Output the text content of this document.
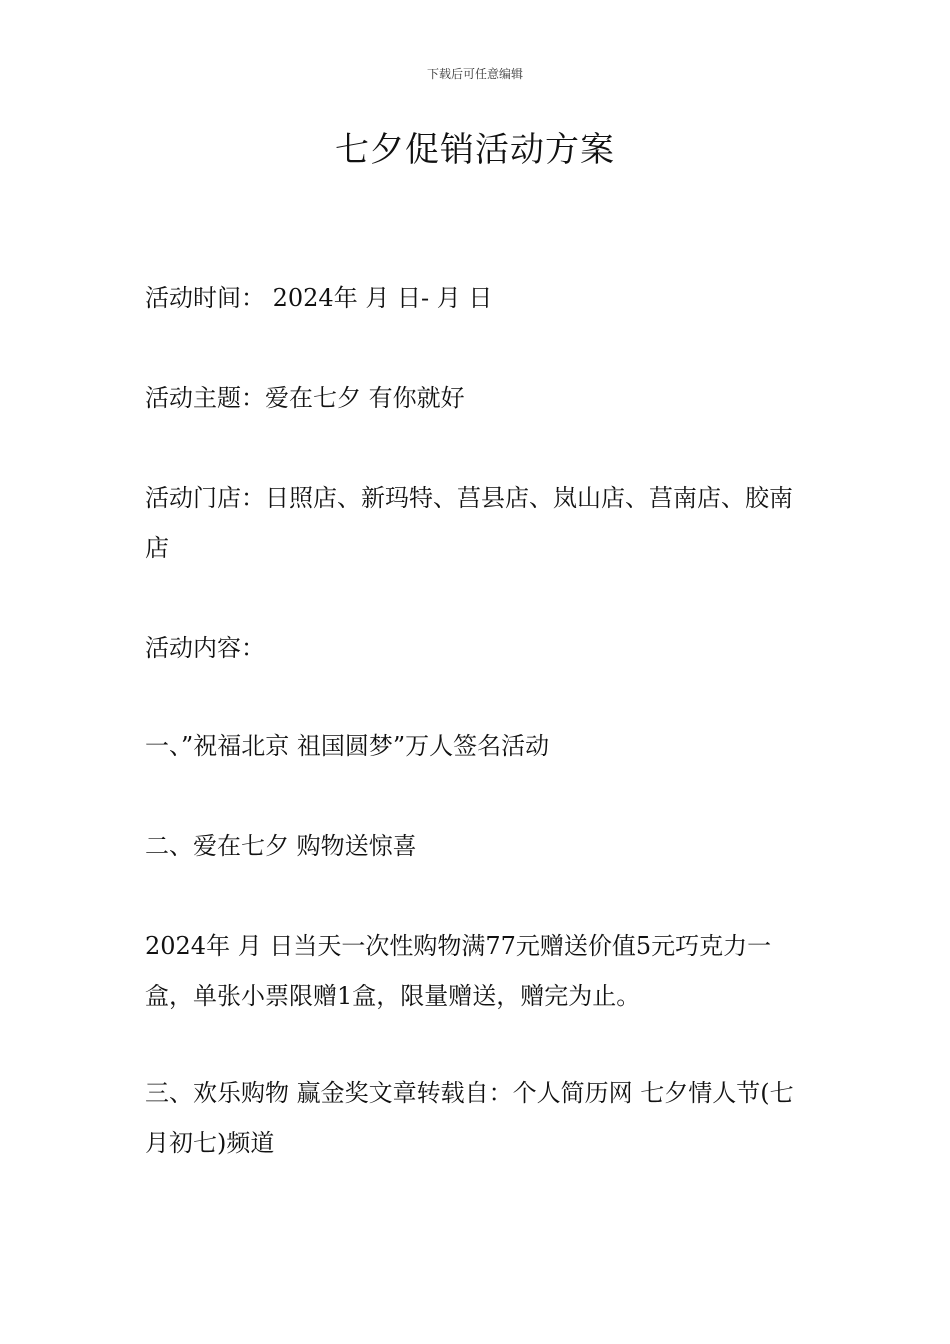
下载后可任意编辑
七夕促销活动方案

活动时间： 2024年 月 日- 月 日

活动主题：爱在七夕 有你就好

活动门店：日照店、新玛特、莒县店、岚山店、莒南店、胶南店

活动内容：

一、”祝福北京 祖国圆梦”万人签名活动

二、爱在七夕 购物送惊喜

2024年 月 日当天一次性购物满77元赠送价值5元巧克力一盒，单张小票限赠1盒，限量赠送，赠完为止。

三、欢乐购物 赢金奖文章转载自：个人简历网 七夕情人节(七月初七)频道
